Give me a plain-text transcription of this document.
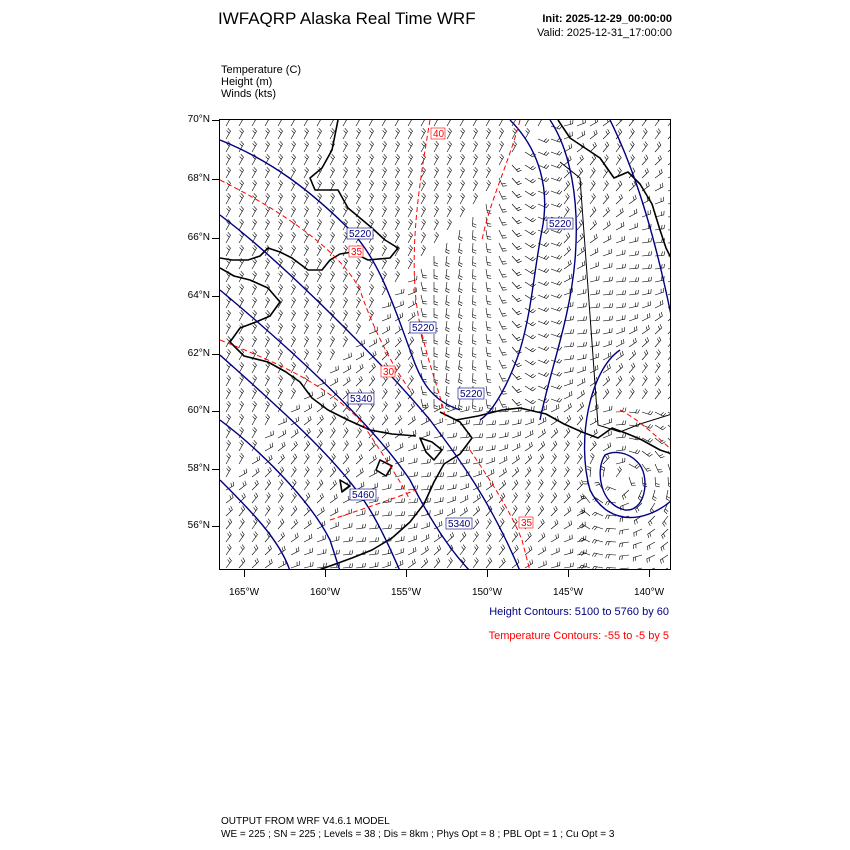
IWFAQRP Alaska Real Time WRF	Init: 2025-12-29_00:00:00
Valid: 2025-12-31_17:00:00
Temperature (C)
Height (m)
Winds (kts)
70°N
68°N
66°N
64°N
62°N
60°N
58°N
56°N
165°W	160°W	155°W	150°W	145°W	140°W
5220
5220
5220
5220
5340
5460
5340
40
35
30
35
Height Contours: 5100 to 5760 by 60
Temperature Contours: -55 to -5 by 5
OUTPUT FROM WRF V4.6.1 MODEL
WE = 225 ; SN = 225 ; Levels = 38 ; Dis = 8km ; Phys Opt = 8 ; PBL Opt = 1 ; Cu Opt = 3
